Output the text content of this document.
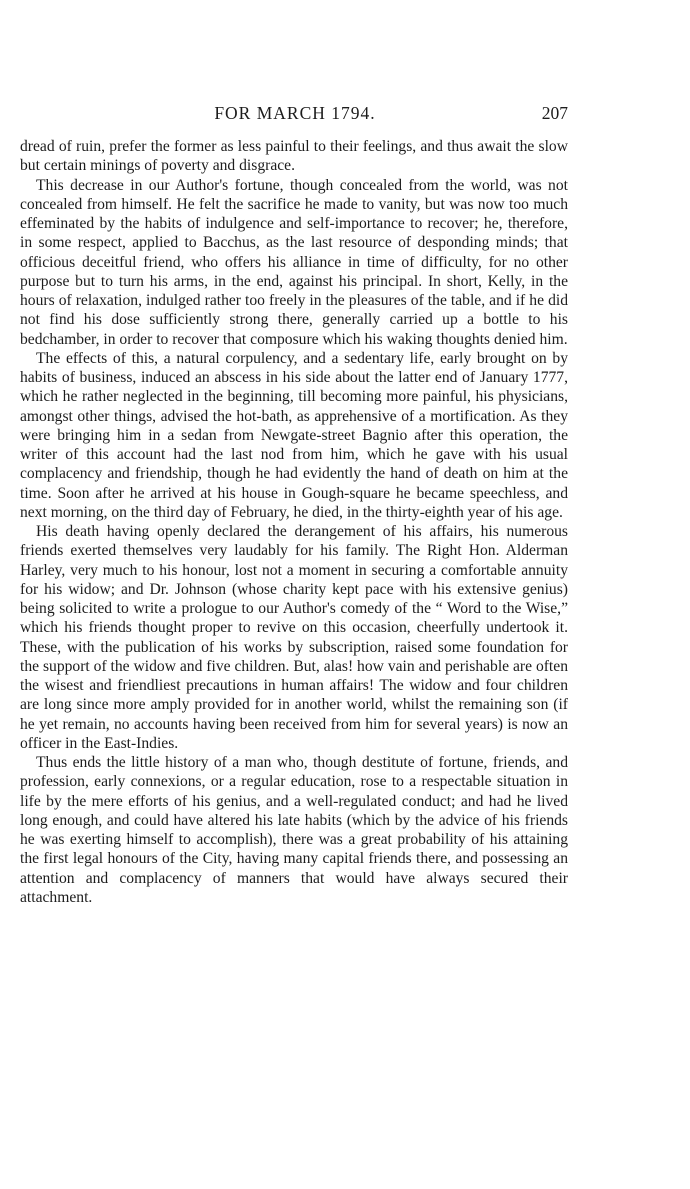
FOR MARCH 1794.	207

dread of ruin, prefer the former as less painful to their feelings, and thus await the slow but certain minings of poverty and disgrace.

This decrease in our Author's fortune, though concealed from the world, was not concealed from himself. He felt the sacrifice he made to vanity, but was now too much effeminated by the habits of indulgence and self-importance to recover; he, therefore, in some respect, applied to Bacchus, as the last resource of desponding minds; that officious deceitful friend, who offers his alliance in time of difficulty, for no other purpose but to turn his arms, in the end, against his principal. In short, Kelly, in the hours of relaxation, indulged rather too freely in the pleasures of the table, and if he did not find his dose sufficiently strong there, generally carried up a bottle to his bedchamber, in order to recover that composure which his waking thoughts denied him.

The effects of this, a natural corpulency, and a sedentary life, early brought on by habits of business, induced an abscess in his side about the latter end of January 1777, which he rather neglected in the beginning, till becoming more painful, his physicians, amongst other things, advised the hot-bath, as apprehensive of a mortification. As they were bringing him in a sedan from Newgate-street Bagnio after this operation, the writer of this account had the last nod from him, which he gave with his usual complacency and friendship, though he had evidently the hand of death on him at the time. Soon after he arrived at his house in Gough-square he became speechless, and next morning, on the third day of February, he died, in the thirty-eighth year of his age.

His death having openly declared the derangement of his affairs, his numerous friends exerted themselves very laudably for his family. The Right Hon. Alderman Harley, very much to his honour, lost not a moment in securing a comfortable annuity for his widow; and Dr. Johnson (whose charity kept pace with his extensive genius) being solicited to write a prologue to our Author's comedy of the “ Word to the Wise,” which his friends thought proper to revive on this occasion, cheerfully undertook it. These, with the publication of his works by subscription, raised some foundation for the support of the widow and five children. But, alas! how vain and perishable are often the wisest and friendliest precautions in human affairs! The widow and four children are long since more amply provided for in another world, whilst the remaining son (if he yet remain, no accounts having been received from him for several years) is now an officer in the East-Indies.

Thus ends the little history of a man who, though destitute of fortune, friends, and profession, early connexions, or a regular education, rose to a respectable situation in life by the mere efforts of his genius, and a well-regulated conduct; and had he lived long enough, and could have altered his late habits (which by the advice of his friends he was exerting himself to accomplish), there was a great probability of his attaining the first legal honours of the City, having many capital friends there, and possessing an attention and complacency of manners that would have always secured their attachment.
